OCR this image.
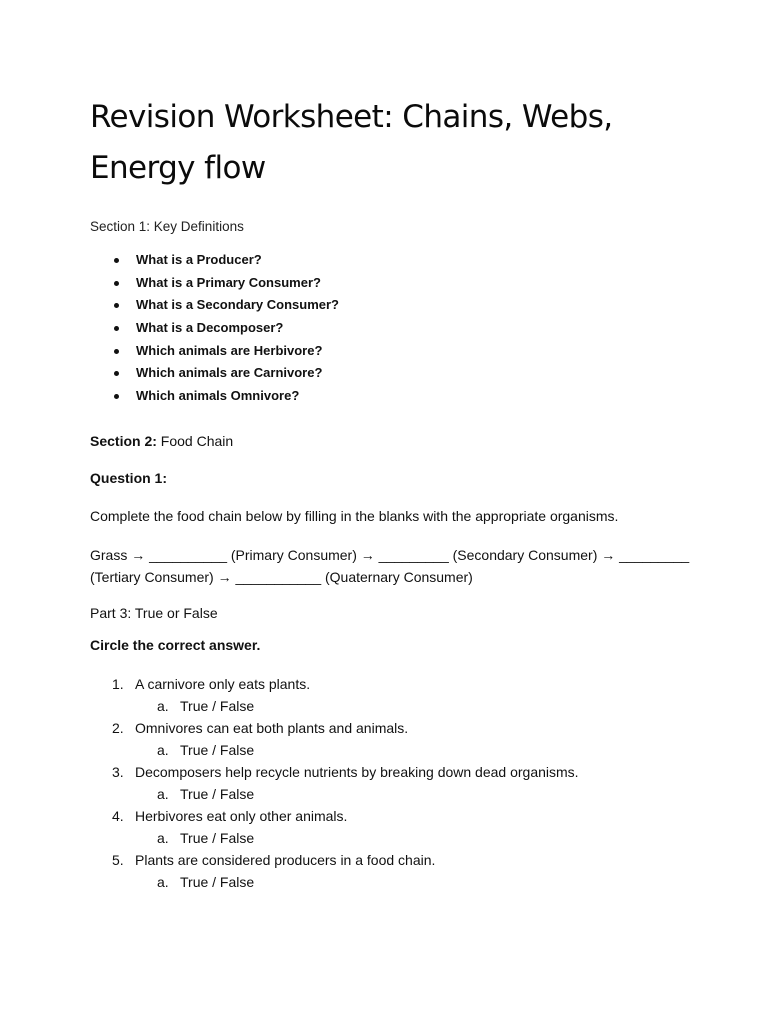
Revision Worksheet: Chains, Webs, Energy flow
Section 1: Key Definitions
What is a Producer?
What is a Primary Consumer?
What is a Secondary Consumer?
What is a Decomposer?
Which animals are Herbivore?
Which animals are Carnivore?
Which animals Omnivore?
Section 2: Food Chain
Question 1:
Complete the food chain below by filling in the blanks with the appropriate organisms.
Grass → __________ (Primary Consumer) → _________ (Secondary Consumer) → _________ (Tertiary Consumer) → ___________ (Quaternary Consumer)
Part 3: True or False
Circle the correct answer.
1. A carnivore only eats plants.
a. True / False
2. Omnivores can eat both plants and animals.
a. True / False
3. Decomposers help recycle nutrients by breaking down dead organisms.
a. True / False
4. Herbivores eat only other animals.
a. True / False
5. Plants are considered producers in a food chain.
a. True / False
